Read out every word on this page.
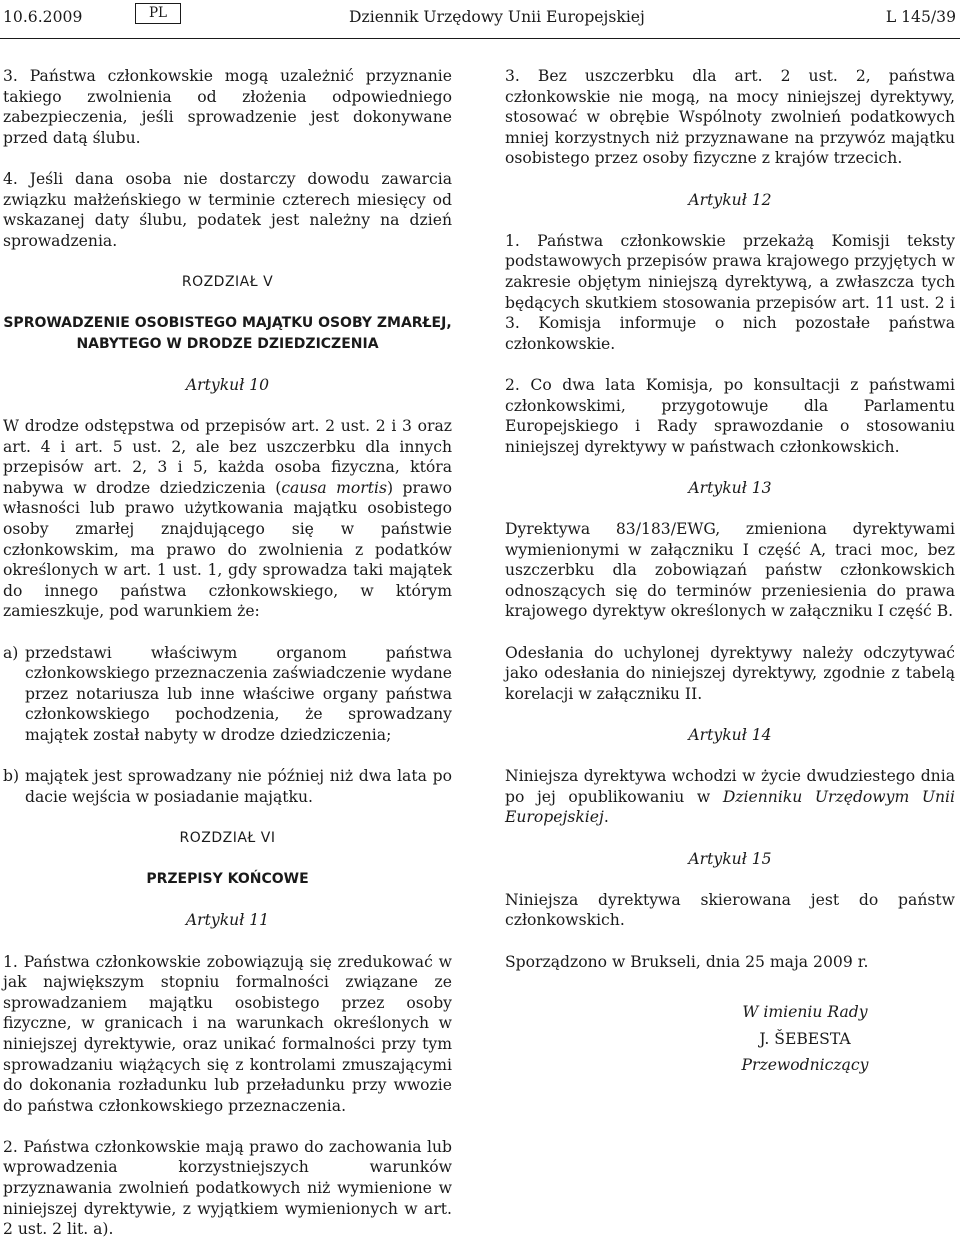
10.6.2009	PL	Dziennik Urzędowy Unii Europejskiej	L 145/39

3. Państwa członkowskie mogą uzależnić przyznanie takiego zwolnienia od złożenia odpowiedniego zabezpieczenia, jeśli sprowadzenie jest dokonywane przed datą ślubu.

4. Jeśli dana osoba nie dostarczy dowodu zawarcia związku małżeńskiego w terminie czterech miesięcy od wskazanej daty ślubu, podatek jest należny na dzień sprowadzenia.

ROZDZIAŁ V

SPROWADZENIE OSOBISTEGO MAJĄTKU OSOBY ZMARŁEJ, NABYTEGO W DRODZE DZIEDZICZENIA

Artykuł 10

W drodze odstępstwa od przepisów art. 2 ust. 2 i 3 oraz art. 4 i art. 5 ust. 2, ale bez uszczerbku dla innych przepisów art. 2, 3 i 5, każda osoba fizyczna, która nabywa w drodze dziedziczenia (causa mortis) prawo własności lub prawo użytkowania majątku osobistego osoby zmarłej znajdującego się w państwie członkowskim, ma prawo do zwolnienia z podatków określonych w art. 1 ust. 1, gdy sprowadza taki majątek do innego państwa członkowskiego, w którym zamieszkuje, pod warunkiem że:

a) przedstawi właściwym organom państwa członkowskiego przeznaczenia zaświadczenie wydane przez notariusza lub inne właściwe organy państwa członkowskiego pochodzenia, że sprowadzany majątek został nabyty w drodze dziedziczenia;
b) majątek jest sprowadzany nie później niż dwa lata po dacie wejścia w posiadanie majątku.

ROZDZIAŁ VI

PRZEPISY KOŃCOWE

Artykuł 11

1. Państwa członkowskie zobowiązują się zredukować w jak największym stopniu formalności związane ze sprowadzaniem majątku osobistego przez osoby fizyczne, w granicach i na warunkach określonych w niniejszej dyrektywie, oraz unikać formalności przy tym sprowadzaniu wiążących się z kontrolami zmuszającymi do dokonania rozładunku lub przeładunku przy wwozie do państwa członkowskiego przeznaczenia.

2. Państwa członkowskie mają prawo do zachowania lub wprowadzenia korzystniejszych warunków przyznawania zwolnień podatkowych niż wymienione w niniejszej dyrektywie, z wyjątkiem wymienionych w art. 2 ust. 2 lit. a).

3. Bez uszczerbku dla art. 2 ust. 2, państwa członkowskie nie mogą, na mocy niniejszej dyrektywy, stosować w obrębie Wspólnoty zwolnień podatkowych mniej korzystnych niż przyznawane na przywóz majątku osobistego przez osoby fizyczne z krajów trzecich.

Artykuł 12

1. Państwa członkowskie przekażą Komisji teksty podstawowych przepisów prawa krajowego przyjętych w zakresie objętym niniejszą dyrektywą, a zwłaszcza tych będących skutkiem stosowania przepisów art. 11 ust. 2 i 3. Komisja informuje o nich pozostałe państwa członkowskie.

2. Co dwa lata Komisja, po konsultacji z państwami członkowskimi, przygotowuje dla Parlamentu Europejskiego i Rady sprawozdanie o stosowaniu niniejszej dyrektywy w państwach członkowskich.

Artykuł 13

Dyrektywa 83/183/EWG, zmieniona dyrektywami wymienionymi w załączniku I część A, traci moc, bez uszczerbku dla zobowiązań państw członkowskich odnoszących się do terminów przeniesienia do prawa krajowego dyrektyw określonych w załączniku I część B.

Odesłania do uchylonej dyrektywy należy odczytywać jako odesłania do niniejszej dyrektywy, zgodnie z tabelą korelacji w załączniku II.

Artykuł 14

Niniejsza dyrektywa wchodzi w życie dwudziestego dnia po jej opublikowaniu w Dzienniku Urzędowym Unii Europejskiej.

Artykuł 15

Niniejsza dyrektywa skierowana jest do państw członkowskich.

Sporządzono w Brukseli, dnia 25 maja 2009 r.

W imieniu Rady

J. ŠEBESTA

Przewodniczący
